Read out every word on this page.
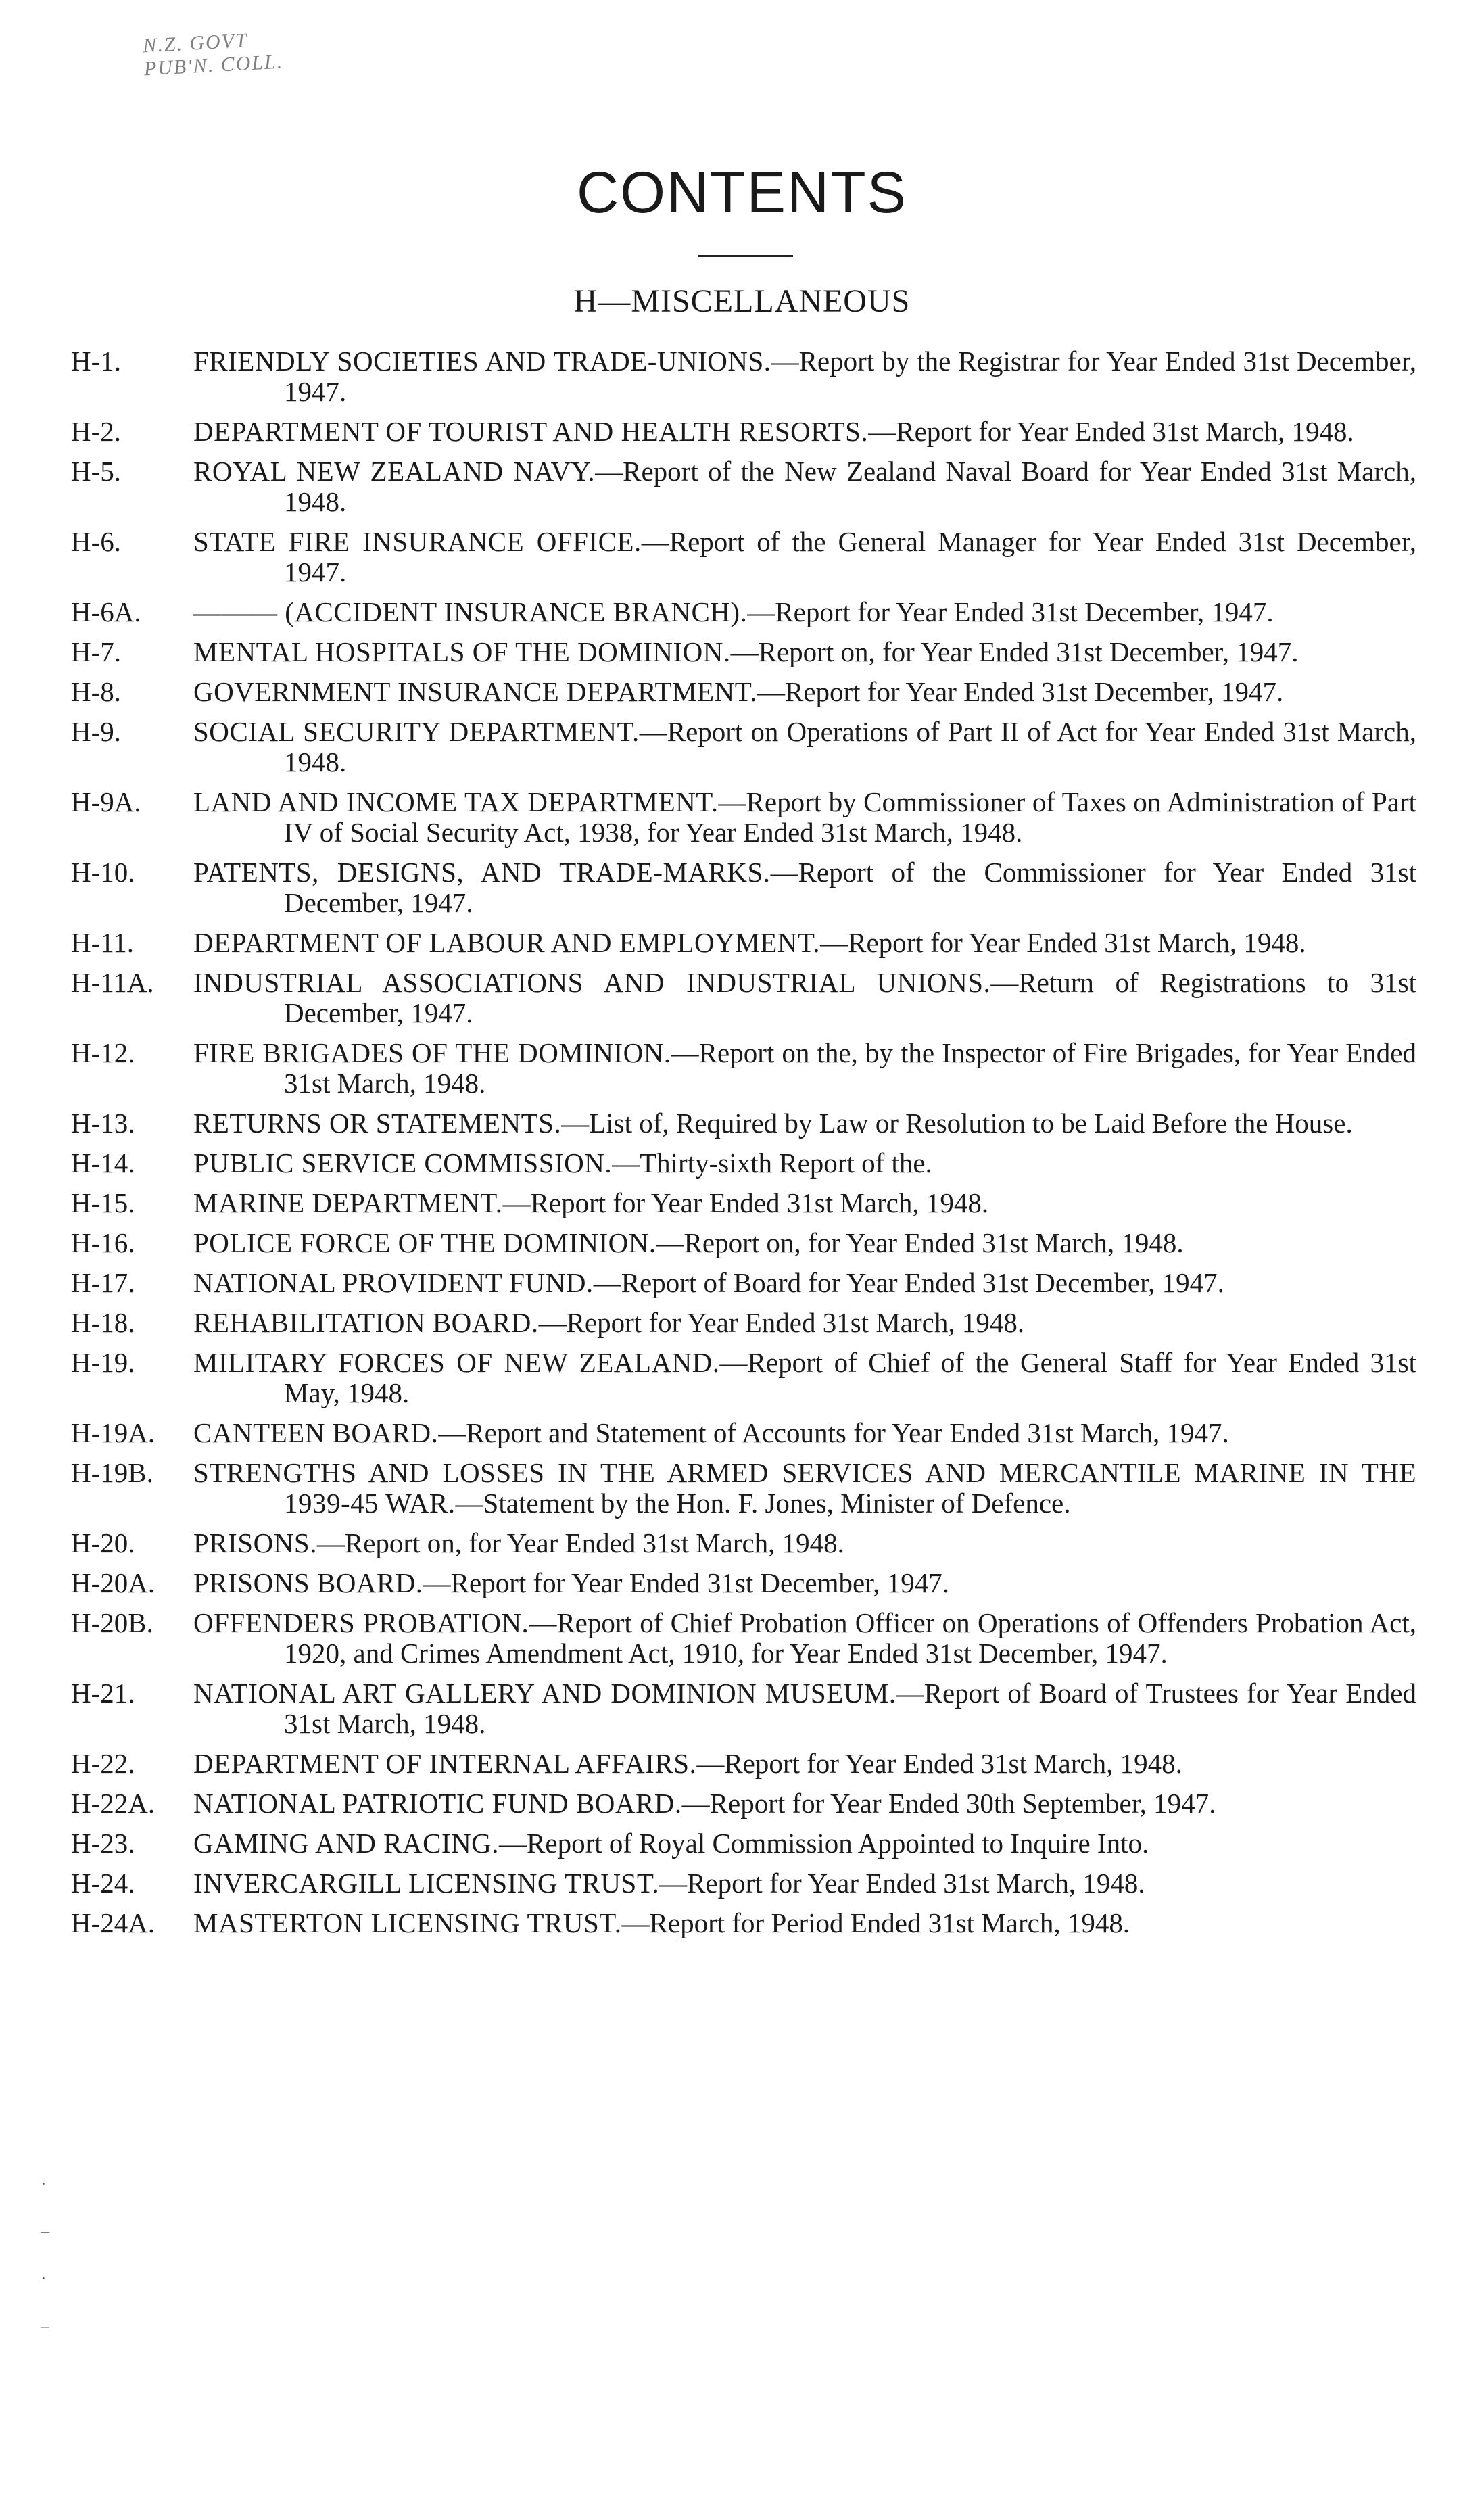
N.Z. GOVT
PUB'N. COLL.
CONTENTS
H—MISCELLANEOUS
H-1.	FRIENDLY SOCIETIES AND TRADE-UNIONS.—Report by the Registrar for Year Ended 31st December, 1947.
H-2.	DEPARTMENT OF TOURIST AND HEALTH RESORTS.—Report for Year Ended 31st March, 1948.
H-5.	ROYAL NEW ZEALAND NAVY.—Report of the New Zealand Naval Board for Year Ended 31st March, 1948.
H-6.	STATE FIRE INSURANCE OFFICE.—Report of the General Manager for Year Ended 31st December, 1947.
H-6A.	——— (ACCIDENT INSURANCE BRANCH).—Report for Year Ended 31st December, 1947.
H-7.	MENTAL HOSPITALS OF THE DOMINION.—Report on, for Year Ended 31st December, 1947.
H-8.	GOVERNMENT INSURANCE DEPARTMENT.—Report for Year Ended 31st December, 1947.
H-9.	SOCIAL SECURITY DEPARTMENT.—Report on Operations of Part II of Act for Year Ended 31st March, 1948.
H-9A.	LAND AND INCOME TAX DEPARTMENT.—Report by Commissioner of Taxes on Administration of Part IV of Social Security Act, 1938, for Year Ended 31st March, 1948.
H-10.	PATENTS, DESIGNS, AND TRADE-MARKS.—Report of the Commissioner for Year Ended 31st December, 1947.
H-11.	DEPARTMENT OF LABOUR AND EMPLOYMENT.—Report for Year Ended 31st March, 1948.
H-11A.	INDUSTRIAL ASSOCIATIONS AND INDUSTRIAL UNIONS.—Return of Registrations to 31st December, 1947.
H-12.	FIRE BRIGADES OF THE DOMINION.—Report on the, by the Inspector of Fire Brigades, for Year Ended 31st March, 1948.
H-13.	RETURNS OR STATEMENTS.—List of, Required by Law or Resolution to be Laid Before the House.
H-14.	PUBLIC SERVICE COMMISSION.—Thirty-sixth Report of the.
H-15.	MARINE DEPARTMENT.—Report for Year Ended 31st March, 1948.
H-16.	POLICE FORCE OF THE DOMINION.—Report on, for Year Ended 31st March, 1948.
H-17.	NATIONAL PROVIDENT FUND.—Report of Board for Year Ended 31st December, 1947.
H-18.	REHABILITATION BOARD.—Report for Year Ended 31st March, 1948.
H-19.	MILITARY FORCES OF NEW ZEALAND.—Report of Chief of the General Staff for Year Ended 31st May, 1948.
H-19A.	CANTEEN BOARD.—Report and Statement of Accounts for Year Ended 31st March, 1947.
H-19B.	STRENGTHS AND LOSSES IN THE ARMED SERVICES AND MERCANTILE MARINE IN THE 1939-45 WAR.—Statement by the Hon. F. Jones, Minister of Defence.
H-20.	PRISONS.—Report on, for Year Ended 31st March, 1948.
H-20A.	PRISONS BOARD.—Report for Year Ended 31st December, 1947.
H-20B.	OFFENDERS PROBATION.—Report of Chief Probation Officer on Operations of Offenders Probation Act, 1920, and Crimes Amendment Act, 1910, for Year Ended 31st December, 1947.
H-21.	NATIONAL ART GALLERY AND DOMINION MUSEUM.—Report of Board of Trustees for Year Ended 31st March, 1948.
H-22.	DEPARTMENT OF INTERNAL AFFAIRS.—Report for Year Ended 31st March, 1948.
H-22A.	NATIONAL PATRIOTIC FUND BOARD.—Report for Year Ended 30th September, 1947.
H-23.	GAMING AND RACING.—Report of Royal Commission Appointed to Inquire Into.
H-24.	INVERCARGILL LICENSING TRUST.—Report for Year Ended 31st March, 1948.
H-24A.	MASTERTON LICENSING TRUST.—Report for Period Ended 31st March, 1948.
·
–
·
–
